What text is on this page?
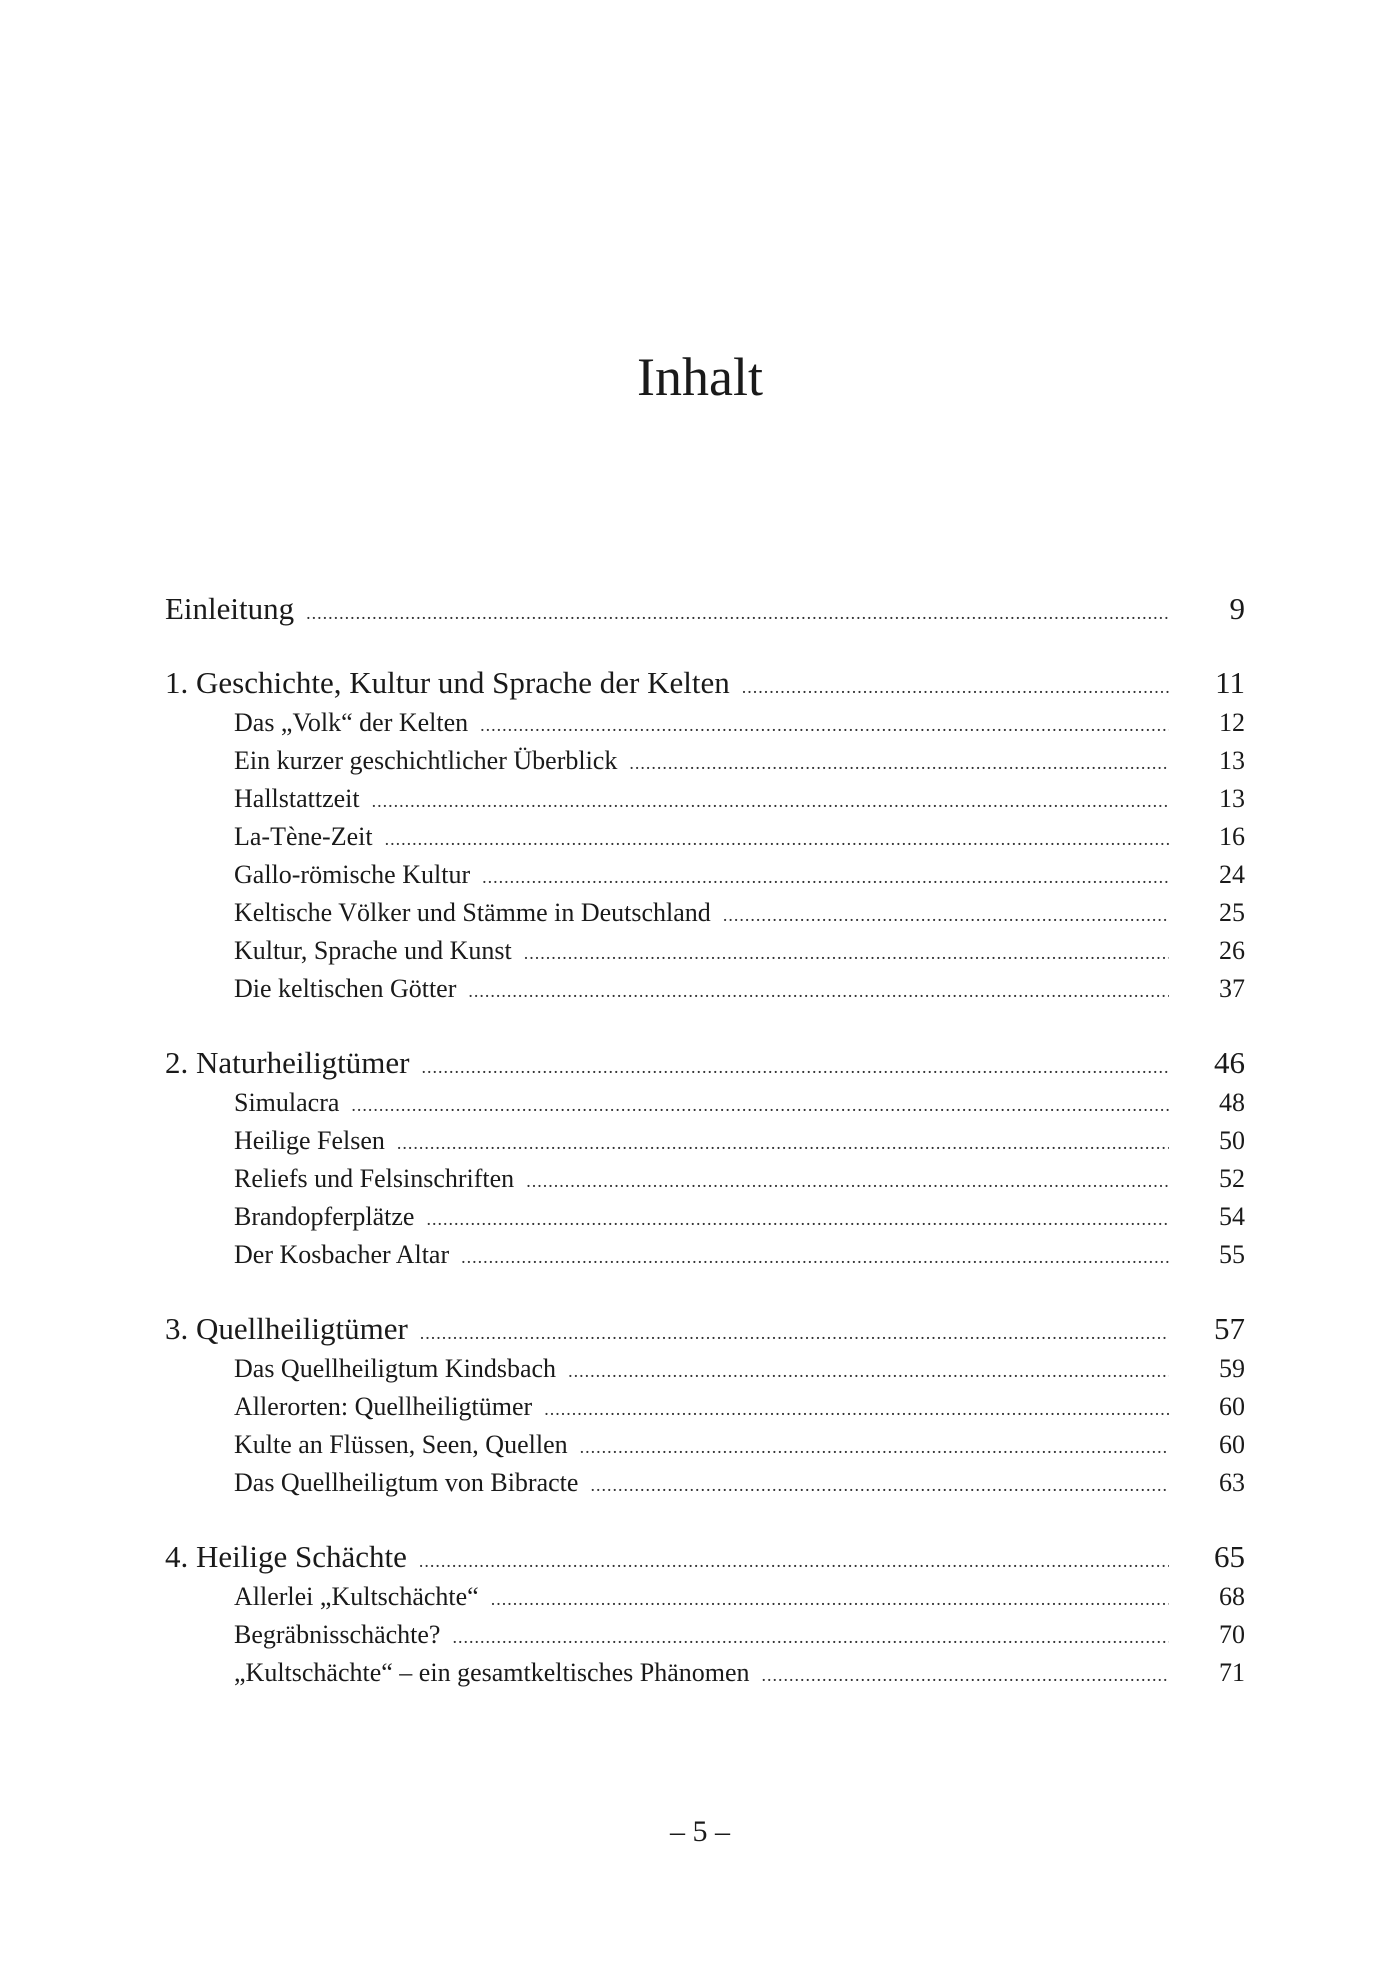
Inhalt
Einleitung .....	9
1. Geschichte, Kultur und Sprache der Kelten .....	11
Das „Volk“ der Kelten .....	12
Ein kurzer geschichtlicher Überblick .....	13
Hallstattzeit .....	13
La-Tène-Zeit .....	16
Gallo-römische Kultur .....	24
Keltische Völker und Stämme in Deutschland .....	25
Kultur, Sprache und Kunst .....	26
Die keltischen Götter .....	37
2. Naturheiligtümer .....	46
Simulacra .....	48
Heilige Felsen .....	50
Reliefs und Felsinschriften .....	52
Brandopferplätze .....	54
Der Kosbacher Altar .....	55
3. Quellheiligtümer .....	57
Das Quellheiligtum Kindsbach .....	59
Allerorten: Quellheiligtümer .....	60
Kulte an Flüssen, Seen, Quellen .....	60
Das Quellheiligtum von Bibracte .....	63
4. Heilige Schächte .....	65
Allerlei „Kultschächte“ .....	68
Begräbnisschächte? .....	70
„Kultschächte“ – ein gesamtkeltisches Phänomen .....	71
– 5 –
